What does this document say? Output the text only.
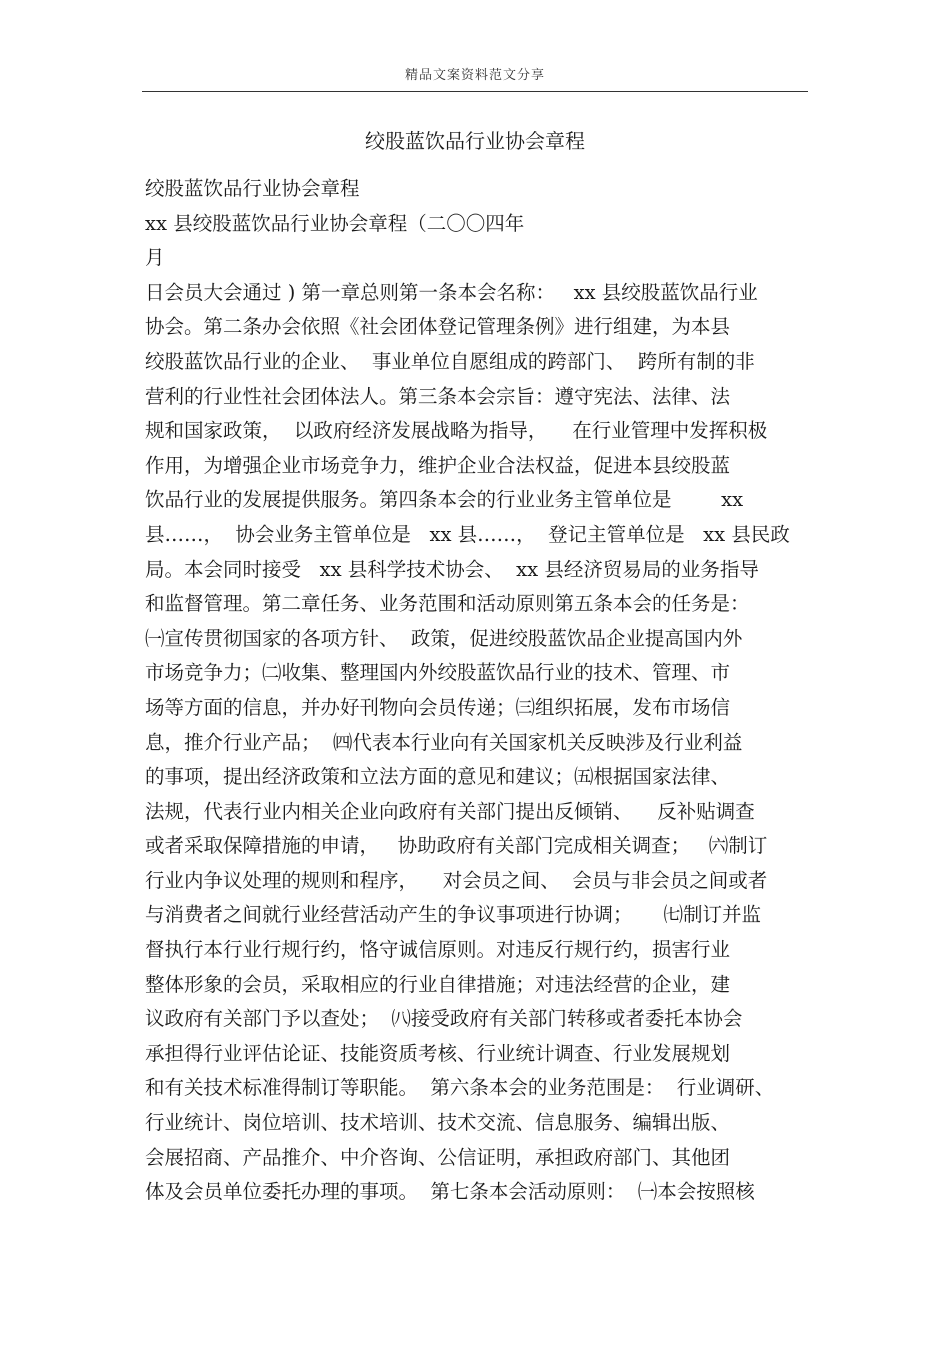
精品文案资料范文分享
绞股蓝饮品行业协会章程
绞股蓝饮品行业协会章程
xx 县绞股蓝饮品行业协会章程（二〇〇四年
月
日会员大会通过 ) 第一章总则第一条本会名称：   xx 县绞股蓝饮品行业
协会。第二条办会依照《社会团体登记管理条例》进行组建，为本县
绞股蓝饮品行业的企业、  事业单位自愿组成的跨部门、  跨所有制的非
营利的行业性社会团体法人。第三条本会宗旨：遵守宪法、法律、法
规和国家政策，  以政府经济发展战略为指导，    在行业管理中发挥积极
作用，为增强企业市场竞争力，维护企业合法权益，促进本县绞股蓝
饮品行业的发展提供服务。第四条本会的行业业务主管单位是        xx
县……，  协会业务主管单位是   xx 县……，  登记主管单位是   xx 县民政
局。本会同时接受   xx 县科学技术协会、  xx 县经济贸易局的业务指导
和监督管理。第二章任务、业务范围和活动原则第五条本会的任务是：
㈠宣传贯彻国家的各项方针、  政策，促进绞股蓝饮品企业提高国内外
市场竞争力；㈡收集、整理国内外绞股蓝饮品行业的技术、管理、市
场等方面的信息，并办好刊物向会员传递；㈢组织拓展，发布市场信
息，推介行业产品；  ㈣代表本行业向有关国家机关反映涉及行业利益
的事项，提出经济政策和立法方面的意见和建议；㈤根据国家法律、
法规，代表行业内相关企业向政府有关部门提出反倾销、    反补贴调查
或者采取保障措施的申请，   协助政府有关部门完成相关调查；   ㈥制订
行业内争议处理的规则和程序，    对会员之间、  会员与非会员之间或者
与消费者之间就行业经营活动产生的争议事项进行协调；     ㈦制订并监
督执行本行业行规行约，恪守诚信原则。对违反行规行约，损害行业
整体形象的会员，采取相应的行业自律措施；对违法经营的企业，建
议政府有关部门予以查处；  ㈧接受政府有关部门转移或者委托本协会
承担得行业评估论证、技能资质考核、行业统计调查、行业发展规划
和有关技术标准得制订等职能。  第六条本会的业务范围是：  行业调研、
行业统计、岗位培训、技术培训、技术交流、信息服务、编辑出版、
会展招商、产品推介、中介咨询、公信证明，承担政府部门、其他团
体及会员单位委托办理的事项。  第七条本会活动原则：  ㈠本会按照核
